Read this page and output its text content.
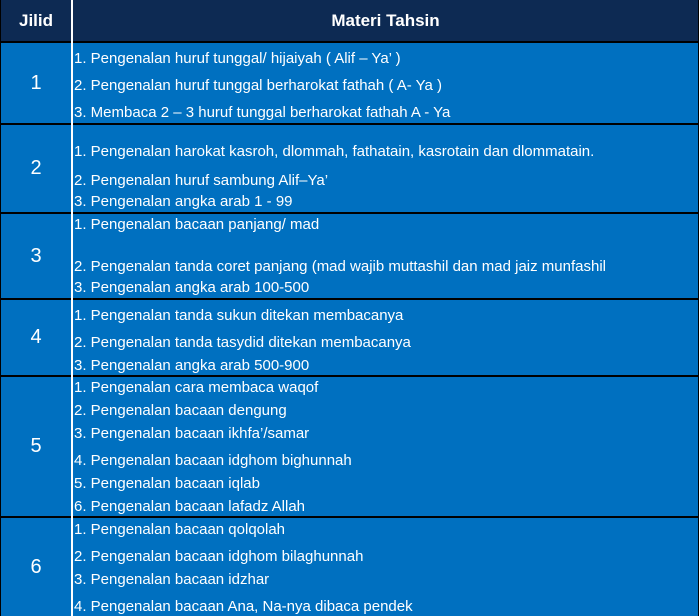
Jilid	Materi Tahsin
1
1. Pengenalan huruf tunggal/ hijaiyah ( Alif – Ya’ )
2. Pengenalan huruf tunggal berharokat fathah ( A- Ya )
3. Membaca 2 – 3 huruf tunggal berharokat fathah A - Ya
2
1. Pengenalan harokat kasroh, dlommah, fathatain, kasrotain dan dlommatain.
2. Pengenalan huruf sambung Alif–Ya’
3. Pengenalan angka arab 1 - 99
3
1. Pengenalan bacaan panjang/ mad
2. Pengenalan tanda coret panjang (mad wajib muttashil dan mad jaiz munfashil
3. Pengenalan angka arab 100-500
4
1. Pengenalan tanda sukun ditekan membacanya
2. Pengenalan tanda tasydid ditekan membacanya
3. Pengenalan angka arab 500-900
5
1. Pengenalan cara membaca waqof
2. Pengenalan bacaan dengung
3. Pengenalan bacaan ikhfa’/samar
4. Pengenalan bacaan idghom bighunnah
5. Pengenalan bacaan iqlab
6. Pengenalan bacaan lafadz Allah
6
1. Pengenalan bacaan qolqolah
2. Pengenalan bacaan idghom bilaghunnah
3. Pengenalan bacaan idzhar
4. Pengenalan bacaan Ana, Na-nya dibaca pendek
